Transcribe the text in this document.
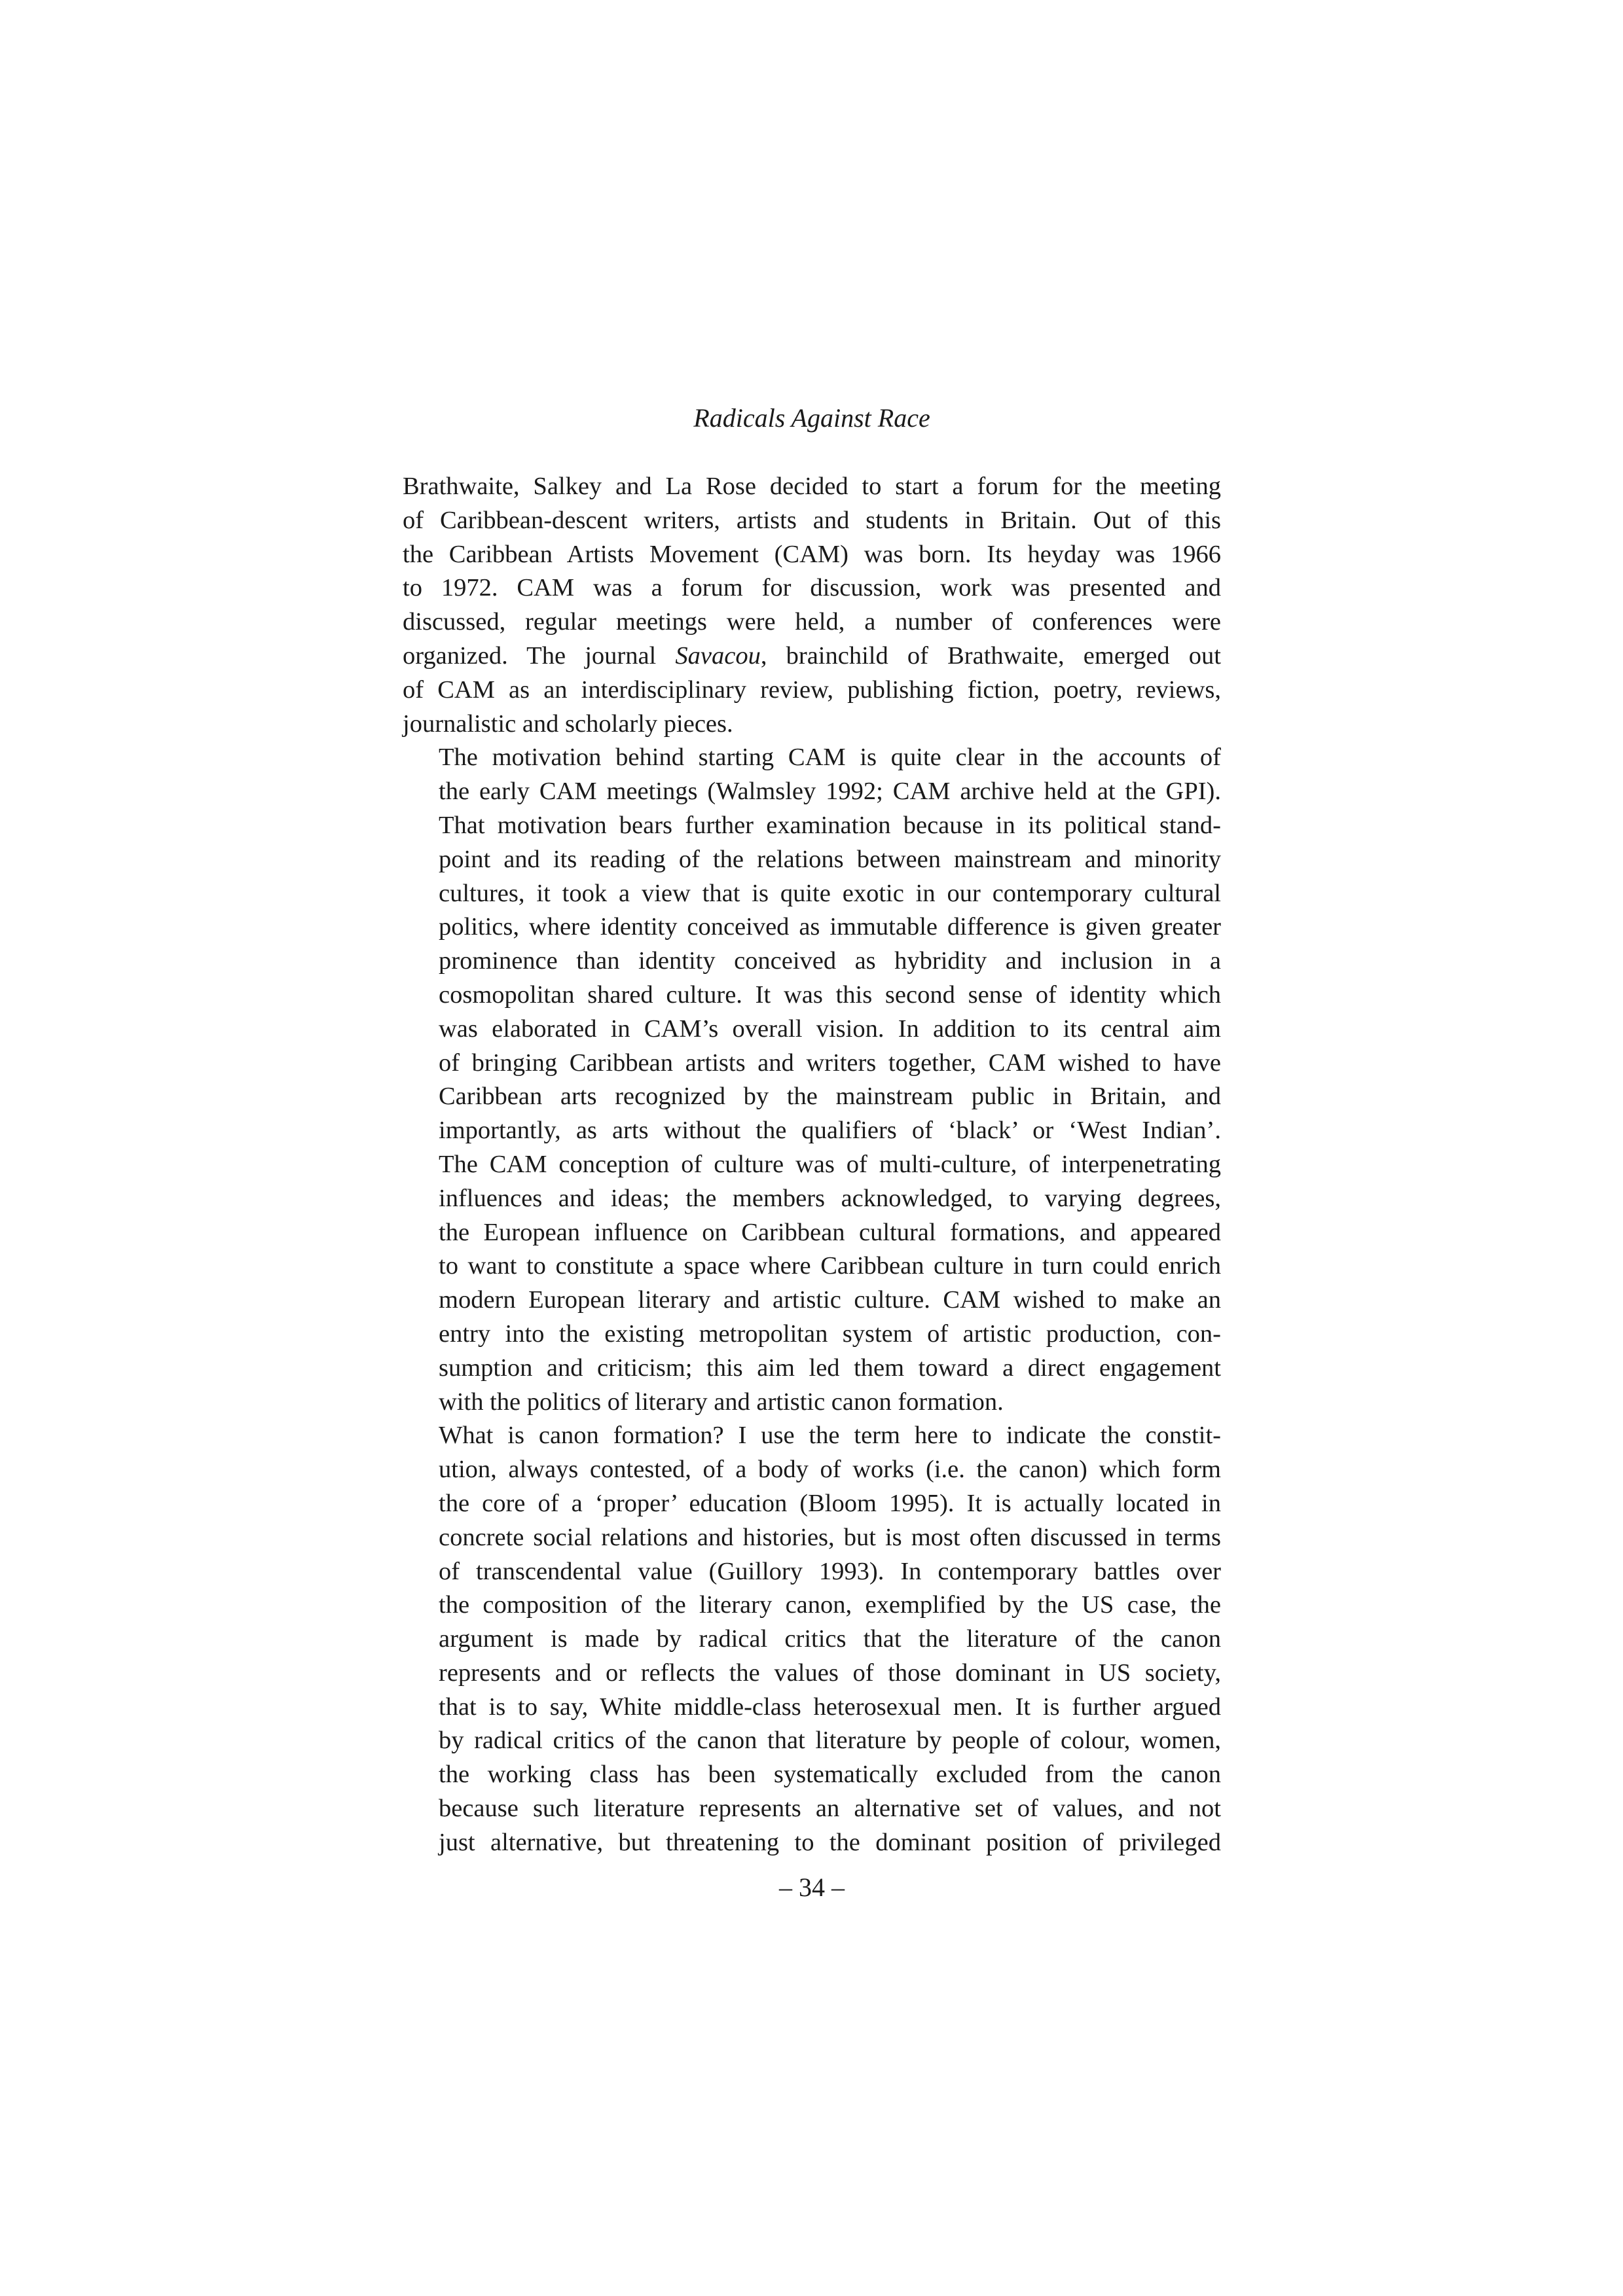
Radicals Against Race

Brathwaite, Salkey and La Rose decided to start a forum for the meeting
of Caribbean-descent writers, artists and students in Britain. Out of this
the Caribbean Artists Movement (CAM) was born. Its heyday was 1966
to 1972. CAM was a forum for discussion, work was presented and
discussed, regular meetings were held, a number of conferences were
organized. The journal Savacou, brainchild of Brathwaite, emerged out
of CAM as an interdisciplinary review, publishing fiction, poetry, reviews,
journalistic and scholarly pieces.

The motivation behind starting CAM is quite clear in the accounts of
the early CAM meetings (Walmsley 1992; CAM archive held at the GPI).
That motivation bears further examination because in its political stand-
point and its reading of the relations between mainstream and minority
cultures, it took a view that is quite exotic in our contemporary cultural
politics, where identity conceived as immutable difference is given greater
prominence than identity conceived as hybridity and inclusion in a
cosmopolitan shared culture. It was this second sense of identity which
was elaborated in CAM’s overall vision. In addition to its central aim
of bringing Caribbean artists and writers together, CAM wished to have
Caribbean arts recognized by the mainstream public in Britain, and
importantly, as arts without the qualifiers of ‘black’ or ‘West Indian’.
The CAM conception of culture was of multi-culture, of interpenetrating
influences and ideas; the members acknowledged, to varying degrees,
the European influence on Caribbean cultural formations, and appeared
to want to constitute a space where Caribbean culture in turn could enrich
modern European literary and artistic culture. CAM wished to make an
entry into the existing metropolitan system of artistic production, con-
sumption and criticism; this aim led them toward a direct engagement
with the politics of literary and artistic canon formation.

What is canon formation? I use the term here to indicate the constit-
ution, always contested, of a body of works (i.e. the canon) which form
the core of a ‘proper’ education (Bloom 1995). It is actually located in
concrete social relations and histories, but is most often discussed in terms
of transcendental value (Guillory 1993). In contemporary battles over
the composition of the literary canon, exemplified by the US case, the
argument is made by radical critics that the literature of the canon
represents and or reflects the values of those dominant in US society,
that is to say, White middle-class heterosexual men. It is further argued
by radical critics of the canon that literature by people of colour, women,
the working class has been systematically excluded from the canon
because such literature represents an alternative set of values, and not
just alternative, but threatening to the dominant position of privileged

– 34 –
